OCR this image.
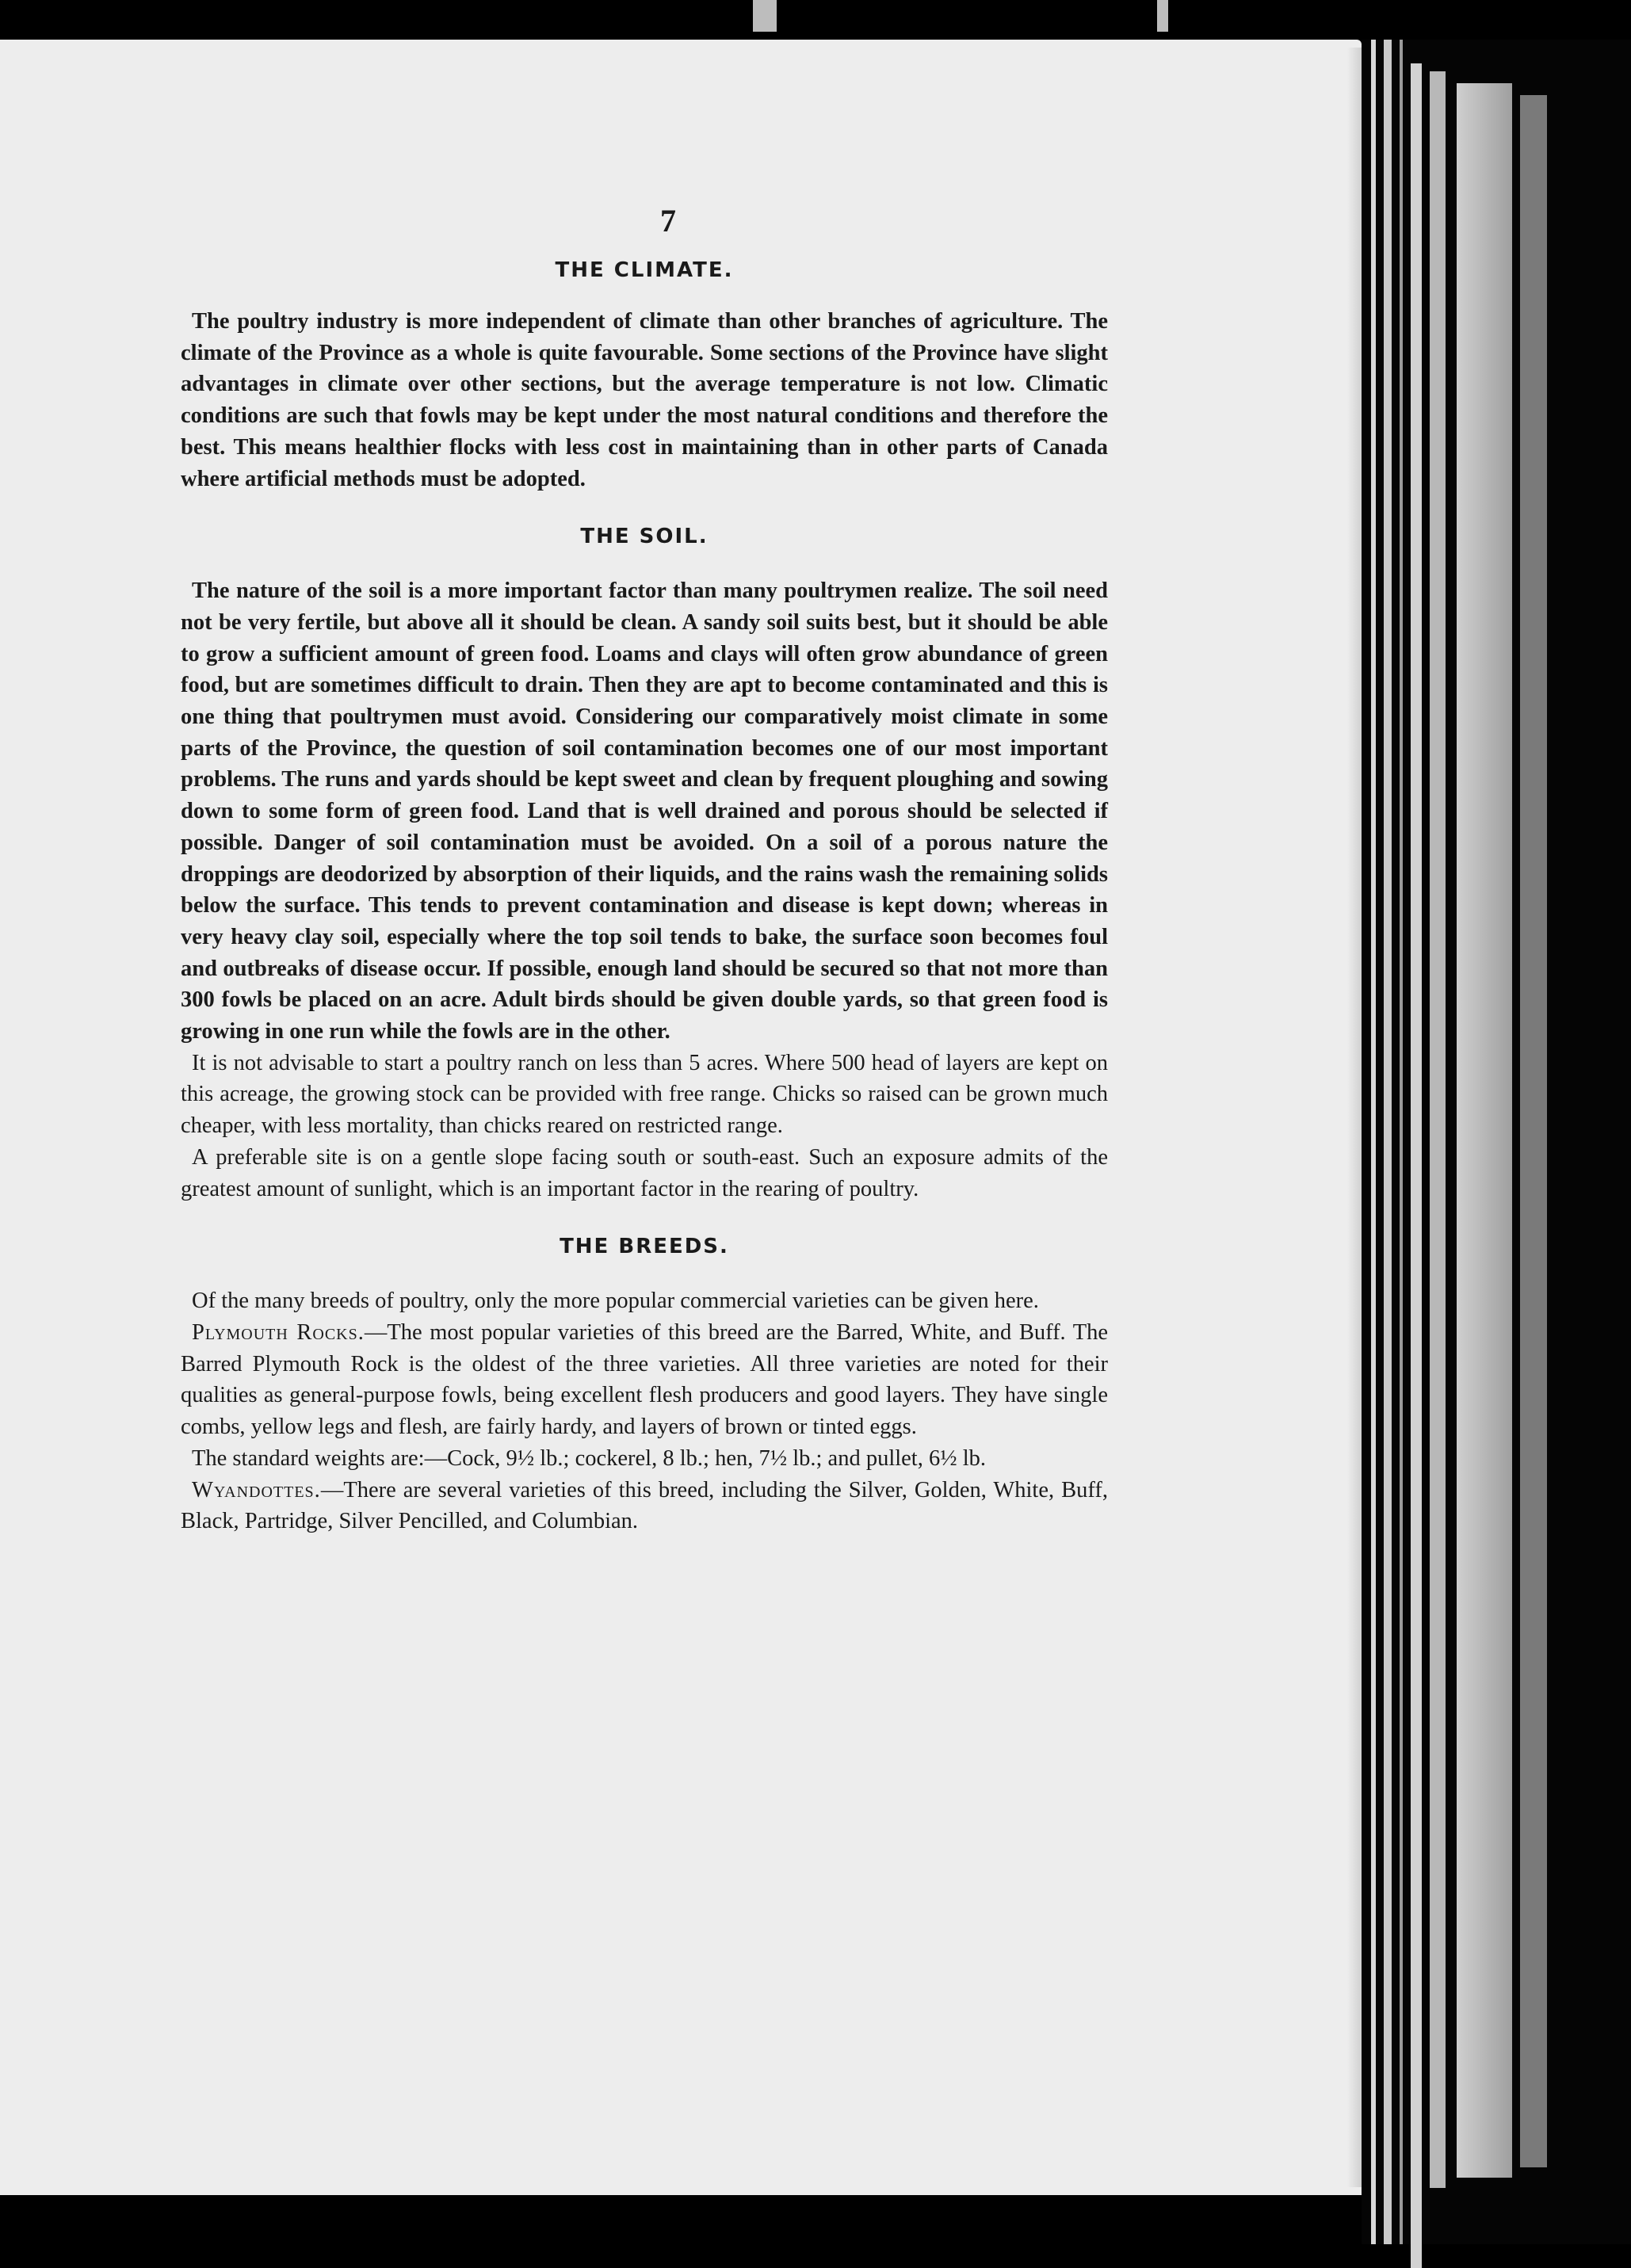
7
THE CLIMATE.

The poultry industry is more independent of climate than other branches of agriculture. The climate of the Province as a whole is quite favourable. Some sections of the Province have slight advantages in climate over other sections, but the average temperature is not low. Climatic conditions are such that fowls may be kept under the most natural conditions and therefore the best. This means healthier flocks with less cost in maintaining than in other parts of Canada where artificial methods must be adopted.

THE SOIL.

The nature of the soil is a more important factor than many poultrymen realize. The soil need not be very fertile, but above all it should be clean. A sandy soil suits best, but it should be able to grow a sufficient amount of green food. Loams and clays will often grow abundance of green food, but are sometimes difficult to drain. Then they are apt to become contaminated and this is one thing that poultrymen must avoid. Considering our comparatively moist climate in some parts of the Province, the question of soil contamination becomes one of our most important problems. The runs and yards should be kept sweet and clean by frequent ploughing and sowing down to some form of green food. Land that is well drained and porous should be selected if possible. Danger of soil contamination must be avoided. On a soil of a porous nature the droppings are deodorized by absorption of their liquids, and the rains wash the remaining solids below the surface. This tends to prevent contamination and disease is kept down; whereas in very heavy clay soil, especially where the top soil tends to bake, the surface soon becomes foul and outbreaks of disease occur. If possible, enough land should be secured so that not more than 300 fowls be placed on an acre. Adult birds should be given double yards, so that green food is growing in one run while the fowls are in the other.

It is not advisable to start a poultry ranch on less than 5 acres. Where 500 head of layers are kept on this acreage, the growing stock can be provided with free range. Chicks so raised can be grown much cheaper, with less mortality, than chicks reared on restricted range.

A preferable site is on a gentle slope facing south or south-east. Such an exposure admits of the greatest amount of sunlight, which is an important factor in the rearing of poultry.

THE BREEDS.

Of the many breeds of poultry, only the more popular commercial varieties can be given here.

Plymouth Rocks.—The most popular varieties of this breed are the Barred, White, and Buff. The Barred Plymouth Rock is the oldest of the three varieties. All three varieties are noted for their qualities as general-purpose fowls, being excellent flesh producers and good layers. They have single combs, yellow legs and flesh, are fairly hardy, and layers of brown or tinted eggs.

The standard weights are:—Cock, 9½ lb.; cockerel, 8 lb.; hen, 7½ lb.; and pullet, 6½ lb.

Wyandottes.—There are several varieties of this breed, including the Silver, Golden, White, Buff, Black, Partridge, Silver Pencilled, and Columbian.
